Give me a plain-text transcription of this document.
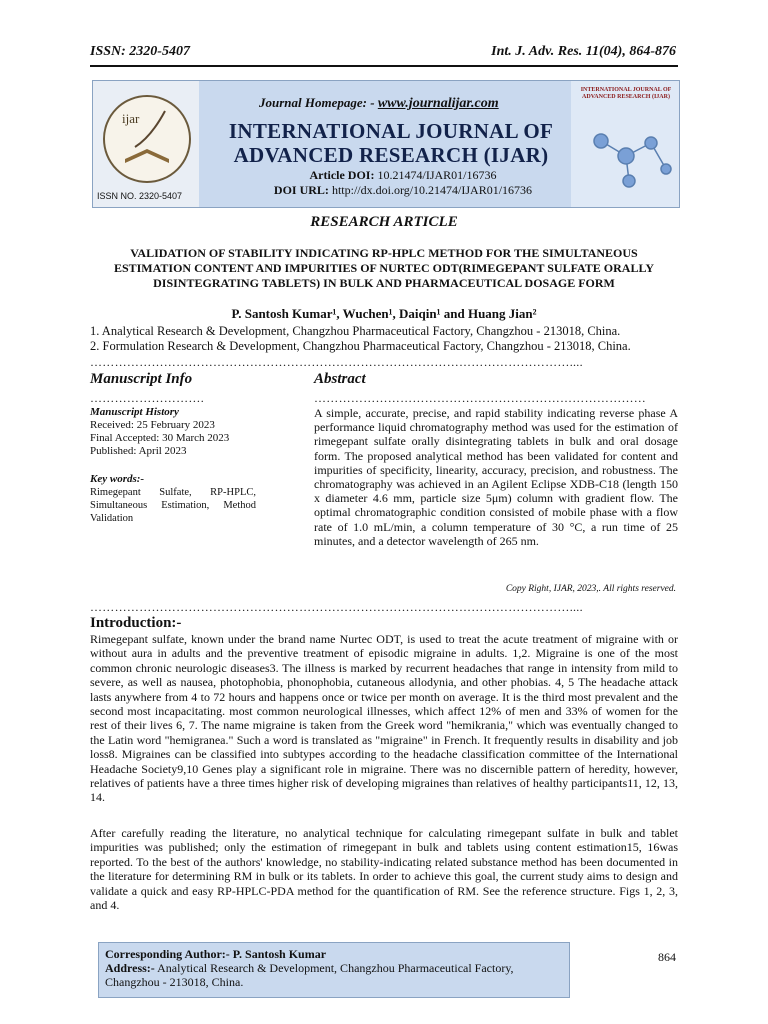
ISSN: 2320-5407	Int. J. Adv. Res. 11(04), 864-876
ijar
ISSN NO. 2320-5407
Journal Homepage: - www.journalijar.com
INTERNATIONAL JOURNAL OF ADVANCED RESEARCH (IJAR)
Article DOI: 10.21474/IJAR01/16736
DOI URL: http://dx.doi.org/10.21474/IJAR01/16736
INTERNATIONAL JOURNAL OF ADVANCED RESEARCH (IJAR)
RESEARCH ARTICLE
VALIDATION OF STABILITY INDICATING RP-HPLC METHOD FOR THE SIMULTANEOUS ESTIMATION CONTENT AND IMPURITIES OF NURTEC ODT(RIMEGEPANT SULFATE ORALLY DISINTEGRATING TABLETS) IN BULK AND PHARMACEUTICAL DOSAGE FORM
P. Santosh Kumar¹, Wuchen¹, Daiqin¹ and Huang Jian²
1. Analytical Research & Development, Changzhou Pharmaceutical Factory, Changzhou - 213018, China.
2. Formulation Research & Development, Changzhou Pharmaceutical Factory, Changzhou - 213018, China.
………………………………………………………………………………………………………....
Manuscript Info	Abstract
……………………….	………………………………………………………………………
Manuscript History
Received: 25 February 2023
Final Accepted: 30 March 2023
Published: April 2023
Key words:-
Rimegepant Sulfate, RP-HPLC, Simultaneous Estimation, Method Validation
A simple, accurate, precise, and rapid stability indicating reverse phase A performance liquid chromatography method was used for the estimation of rimegepant sulfate orally disintegrating tablets in bulk and oral dosage form. The proposed analytical method has been validated for content and impurities of specificity, linearity, accuracy, precision, and robustness. The chromatography was achieved in an Agilent Eclipse XDB-C18 (length 150 x diameter 4.6 mm, particle size 5μm) column with gradient flow. The optimal chromatographic condition consisted of mobile phase with a flow rate of 1.0 mL/min, a column temperature of 30 °C, a run time of 25 minutes, and a detector wavelength of 265 nm.
Copy Right, IJAR, 2023,. All rights reserved.
………………………………………………………………………………………………………....
Introduction:-
Rimegepant sulfate, known under the brand name Nurtec ODT, is used to treat the acute treatment of migraine with or without aura in adults and the preventive treatment of episodic migraine in adults. 1,2. Migraine is one of the most common chronic neurologic diseases3. The illness is marked by recurrent headaches that range in intensity from mild to severe, as well as nausea, photophobia, phonophobia, cutaneous allodynia, and other phobias. 4, 5 The headache attack lasts anywhere from 4 to 72 hours and happens once or twice per month on average. It is the third most prevalent and the second most incapacitating. most common neurological illnesses, which affect 12% of men and 33% of women for the rest of their lives 6, 7. The name migraine is taken from the Greek word "hemikrania," which was eventually changed to the Latin word "hemigranea." Such a word is translated as "migraine" in French. It frequently results in disability and job loss8. Migraines can be classified into subtypes according to the headache classification committee of the International Headache Society9,10 Genes play a significant role in migraine. There was no discernible pattern of heredity, however, relatives of patients have a three times higher risk of developing migraines than relatives of healthy participants11, 12, 13, 14.
After carefully reading the literature, no analytical technique for calculating rimegepant sulfate in bulk and tablet impurities was published; only the estimation of rimegepant in bulk and tablets using content estimation15, 16was reported. To the best of the authors' knowledge, no stability-indicating related substance method has been documented in the literature for determining RM in bulk or its tablets. In order to achieve this goal, the current study aims to design and validate a quick and easy RP-HPLC-PDA method for the quantification of RM. See the reference structure. Figs 1, 2, 3, and 4.
Corresponding Author:- P. Santosh Kumar
Address:- Analytical Research & Development, Changzhou Pharmaceutical Factory, Changzhou - 213018, China.
864
